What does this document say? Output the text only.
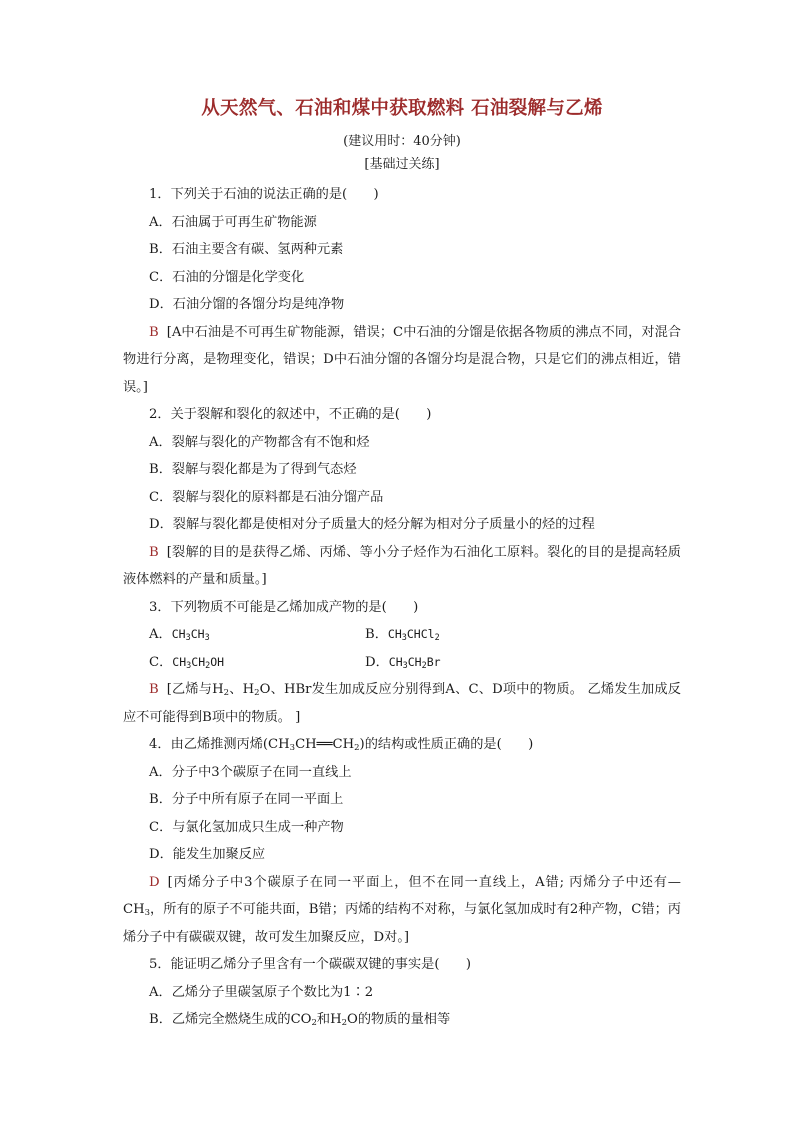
从天然气、石油和煤中获取燃料 石油裂解与乙烯

(建议用时：40分钟)

[基础过关练]

1．下列关于石油的说法正确的是(　　)

A．石油属于可再生矿物能源

B．石油主要含有碳、氢两种元素

C．石油的分馏是化学变化

D．石油分馏的各馏分均是纯净物

B [A中石油是不可再生矿物能源，错误；C中石油的分馏是依据各物质的沸点不同，对混合物进行分离，是物理变化，错误；D中石油分馏的各馏分均是混合物，只是它们的沸点相近，错误。]

2．关于裂解和裂化的叙述中，不正确的是(　　)

A．裂解与裂化的产物都含有不饱和烃

B．裂解与裂化都是为了得到气态烃

C．裂解与裂化的原料都是石油分馏产品

D．裂解与裂化都是使相对分子质量大的烃分解为相对分子质量小的烃的过程

B [裂解的目的是获得乙烯、丙烯、等小分子烃作为石油化工原料。裂化的目的是提高轻质液体燃料的产量和质量。]

3．下列物质不可能是乙烯加成产物的是(　　)

A．$CH_3CH_3$	B．$CH_3CHCl_2$
C．$CH_3CH_2OH$	D．$CH_3CH_2Br$

B [乙烯与$H_2$、$H_2O$、HBr发生加成反应分别得到A、C、D项中的物质。 乙烯发生加成反应不可能得到B项中的物质。 ]

4．由乙烯推测丙烯$(CH_3CH══CH_2)$的结构或性质正确的是(　　)

A．分子中3个碳原子在同一直线上

B．分子中所有原子在同一平面上

C．与氯化氢加成只生成一种产物

D．能发生加聚反应

D [丙烯分子中3个碳原子在同一平面上，但不在同一直线上，A错; 丙烯分子中还有$—CH_3$，所有的原子不可能共面，B错；丙烯的结构不对称，与氯化氢加成时有2种产物，C错；丙烯分子中有碳碳双键，故可发生加聚反应，D对。]

5．能证明乙烯分子里含有一个碳碳双键的事实是(　　)

A．乙烯分子里碳氢原子个数比为1∶2

B．乙烯完全燃烧生成的$CO_2$和$H_2O$的物质的量相等
